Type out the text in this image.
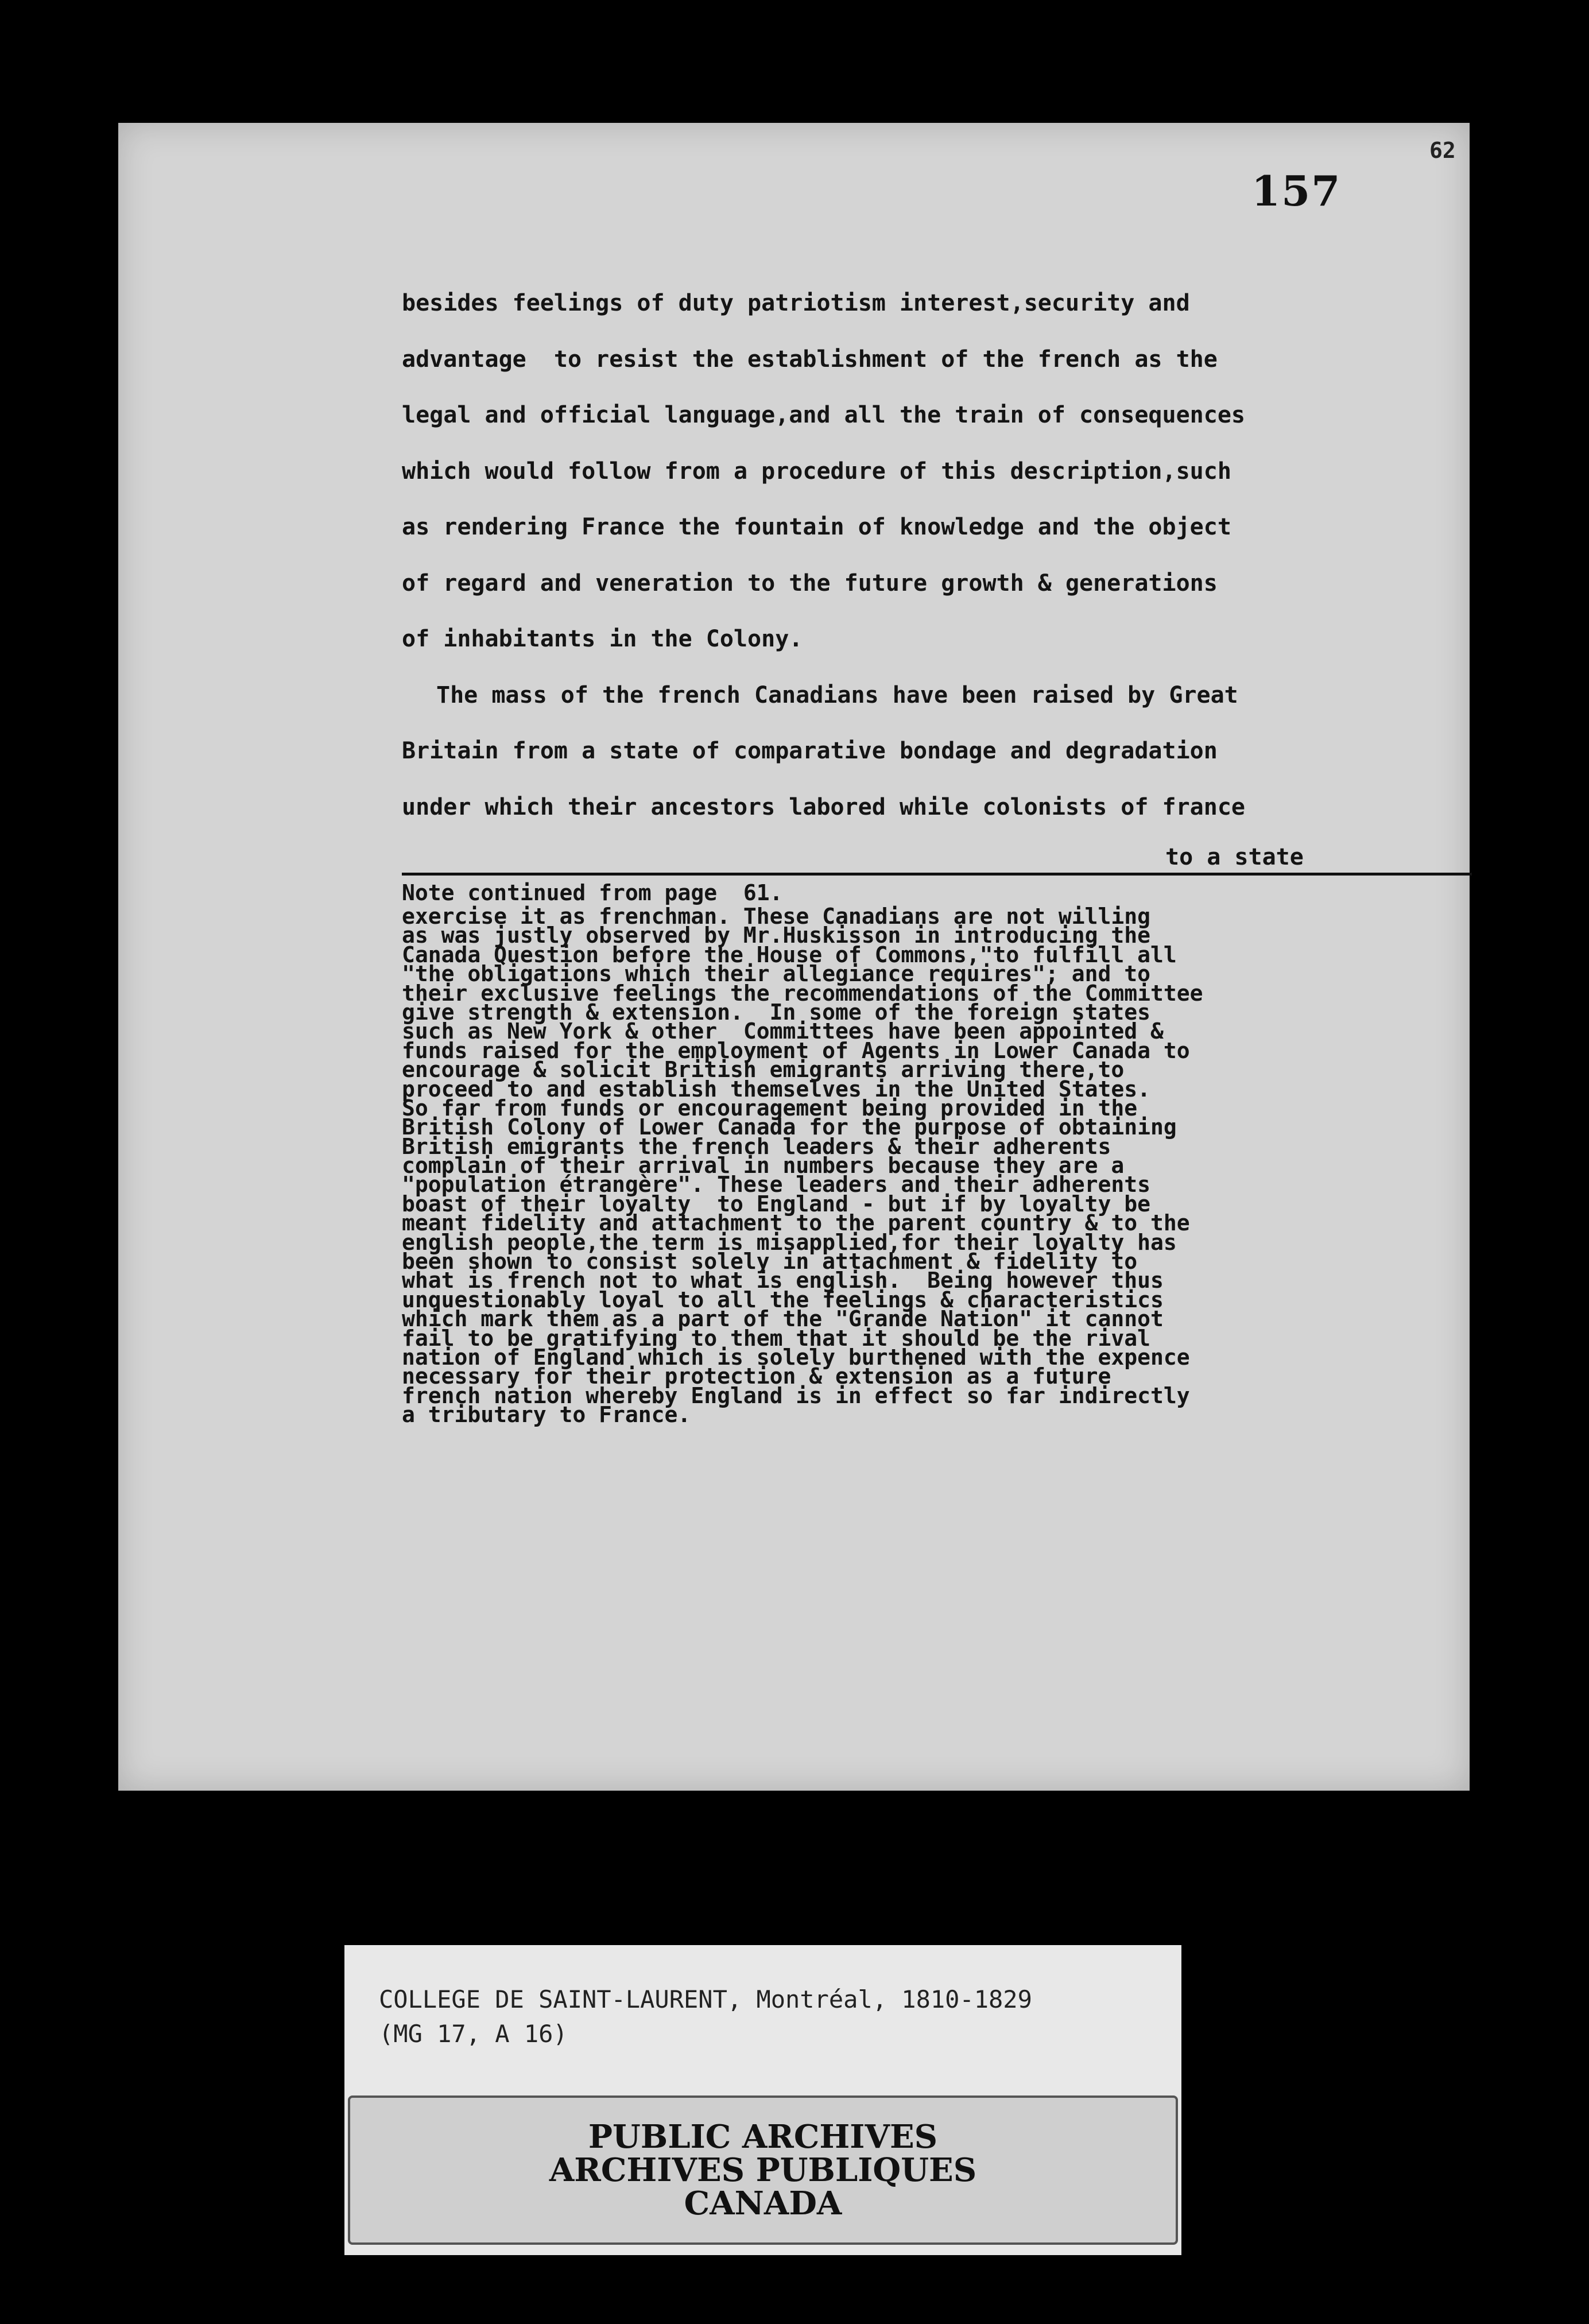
62
157
besides feelings of duty patriotism interest,security and
advantage  to resist the establishment of the french as the
legal and official language,and all the train of consequences
which would follow from a procedure of this description,such
as rendering France the fountain of knowledge and the object
of regard and veneration to the future growth & generations
of inhabitants in the Colony.
The mass of the french Canadians have been raised by Great
Britain from a state of comparative bondage and degradation
under which their ancestors labored while colonists of france
to a state
Note continued from page  61.
exercise it as frenchman. These Canadians are not willing
as was justly observed by Mr.Huskisson in introducing the
Canada Question before the House of Commons,"to fulfill all
"the obligations which their allegiance requires"; and to
their exclusive feelings the recommendations of the Committee
give strength & extension.  In some of the foreign states
such as New York & other  Committees have been appointed &
funds raised for the employment of Agents in Lower Canada to
encourage & solicit British emigrants arriving there,to
proceed to and establish themselves in the United States.
So far from funds or encouragement being provided in the
British Colony of Lower Canada for the purpose of obtaining
British emigrants the french leaders & their adherents
complain of their arrival in numbers because they are a
"population étrangère". These leaders and their adherents
boast of their loyalty  to England - but if by loyalty be
meant fidelity and attachment to the parent country & to the
english people,the term is misapplied,for their loyalty has
been shown to consist solely in attachment & fidelity to
what is french not to what is english.  Being however thus
unquestionably loyal to all the feelings & characteristics
which mark them as a part of the "Grande Nation" it cannot
fail to be gratifying to them that it should be the rival
nation of England which is solely burthened with the expence
necessary for their protection & extension as a future
french nation whereby England is in effect so far indirectly
a tributary to France.
COLLEGE DE SAINT-LAURENT, Montréal, 1810-1829
(MG 17, A 16)
PUBLIC ARCHIVES
ARCHIVES PUBLIQUES
CANADA
